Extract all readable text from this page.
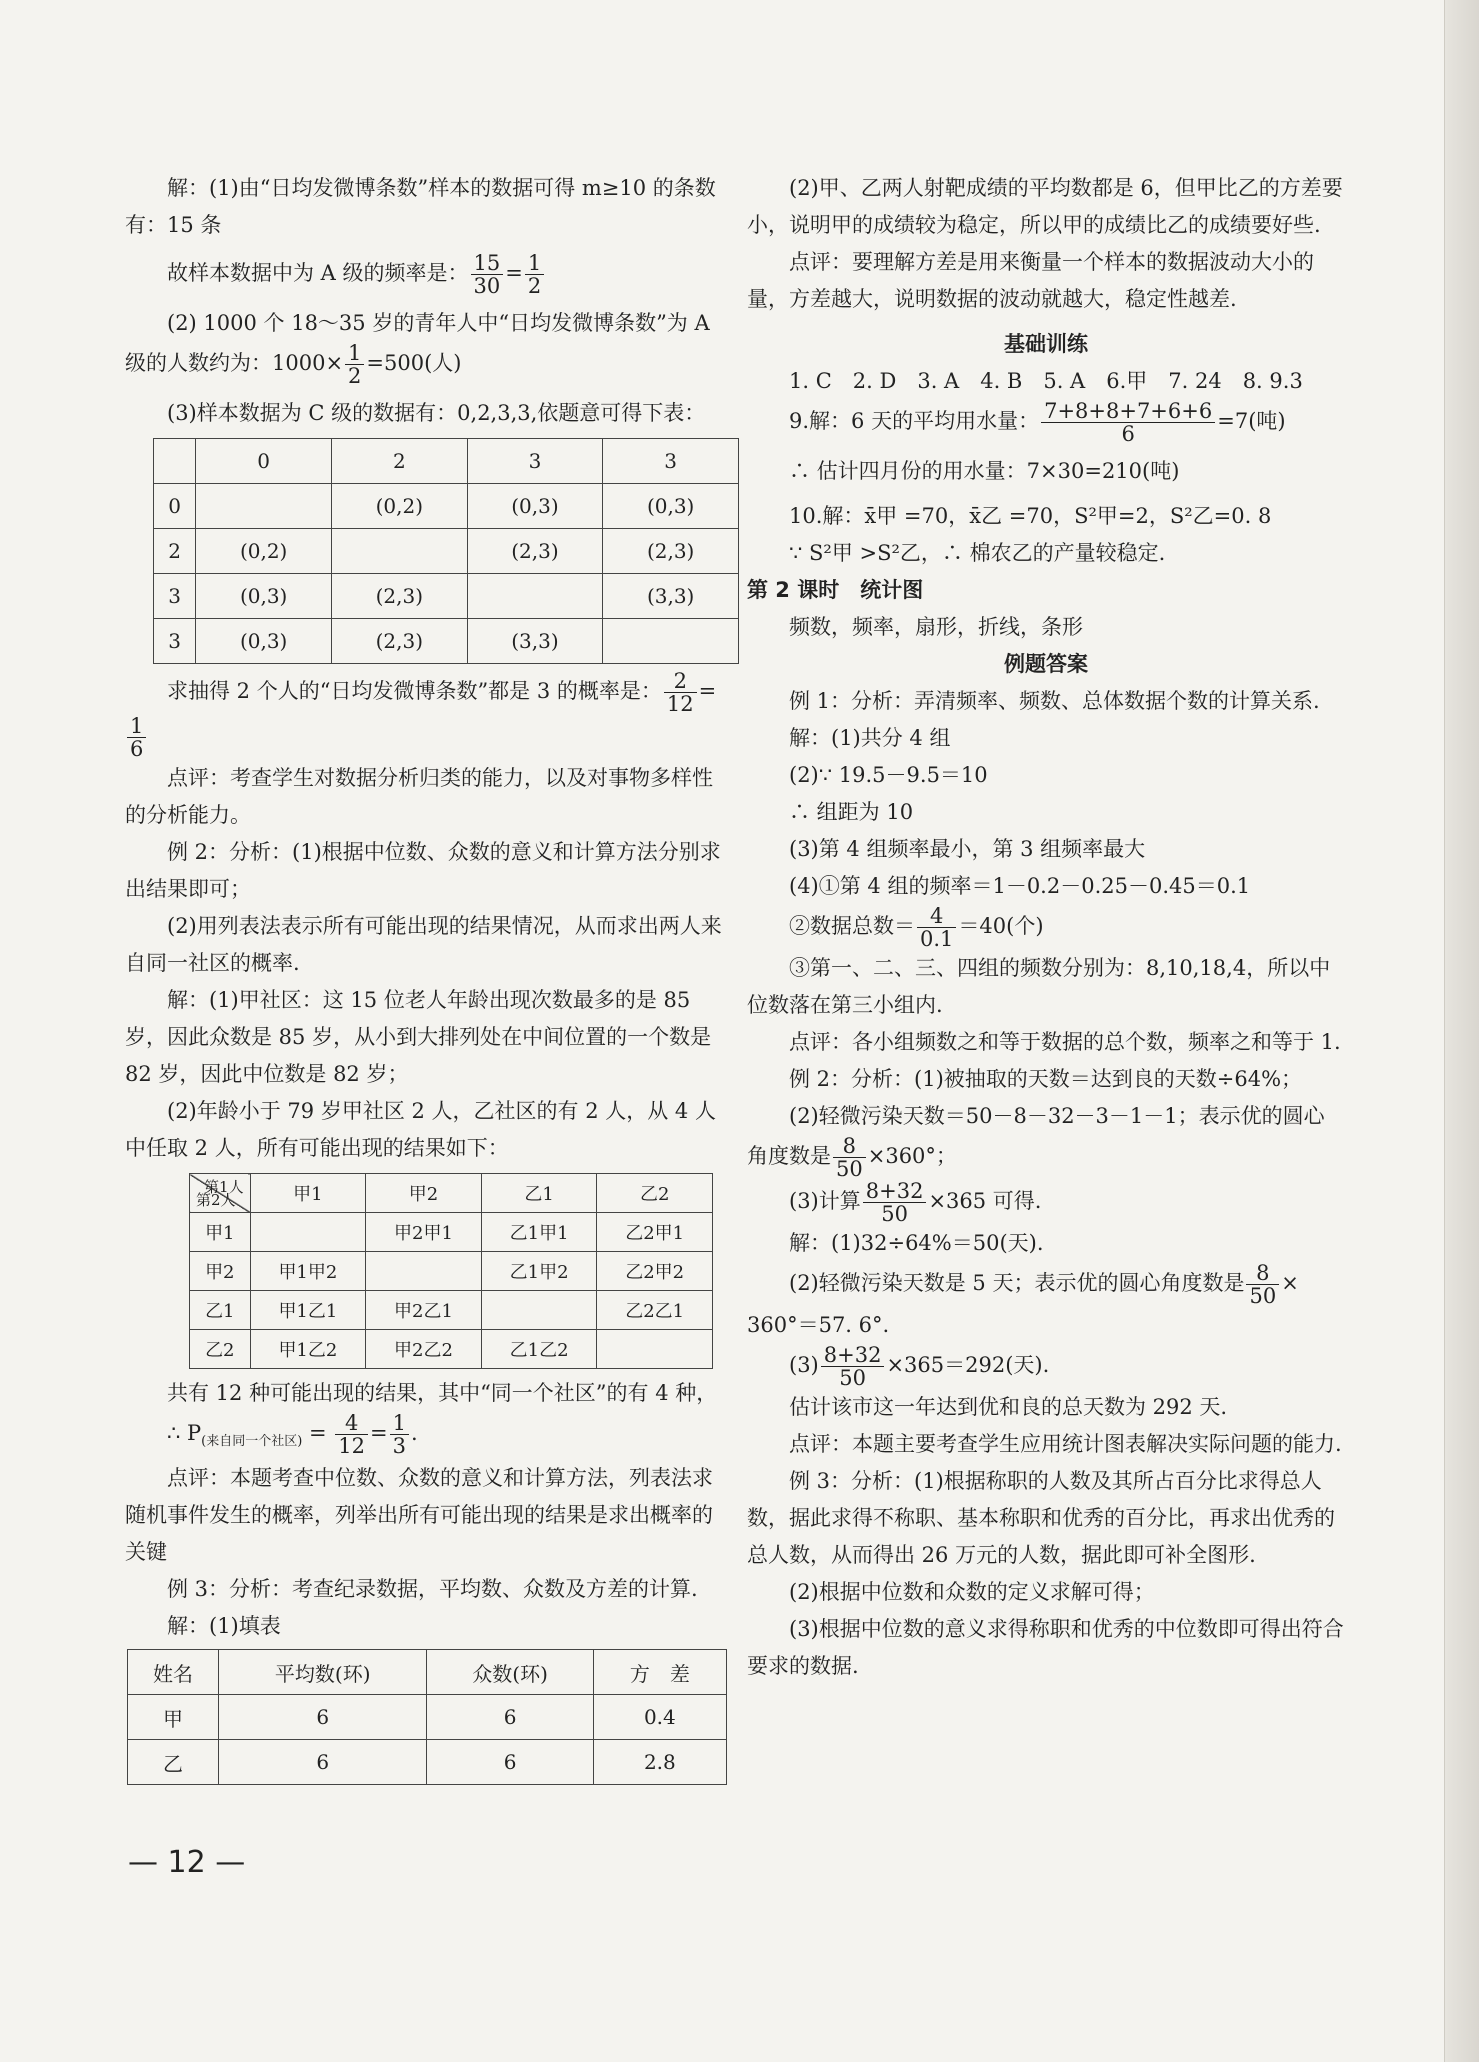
解：(1)由“日均发微博条数”样本的数据可得 m≥10 的条数有：15 条

故样本数据中为 A 级的频率是： $\frac{15}{30} = \frac{1}{2}$

(2) 1000 个 18～35 岁的青年人中“日均发微博条数”为 A 级的人数约为：$1000\times \frac{1}{2} =500$(人)

(3)样本数据为 C 级的数据有：0,2,3,3,依题意可得下表：

	0	2	3	3
0		(0,2)	(0,3)	(0,3)
2	(0,2)		(2,3)	(2,3)
3	(0,3)	(2,3)		(3,3)
3	(0,3)	(2,3)	(3,3)	

求抽得 2 个人的“日均发微博条数”都是 3 的概率是： $\frac{2}{12}$ =

$\frac{1}{6}$

点评：考查学生对数据分析归类的能力，以及对事物多样性的分析能力。

例 2：分析：(1)根据中位数、众数的意义和计算方法分别求出结果即可；

(2)用列表法表示所有可能出现的结果情况，从而求出两人来自同一社区的概率.

解：(1)甲社区：这 15 位老人年龄出现次数最多的是 85 岁，因此众数是 85 岁，从小到大排列处在中间位置的一个数是 82 岁，因此中位数是 82 岁；

(2)年龄小于 79 岁甲社区 2 人，乙社区的有 2 人，从 4 人中任取 2 人，所有可能出现的结果如下：

第1人
第2人	甲1	甲2	乙1	乙2
甲1		甲2甲1	乙1甲1	乙2甲1
甲2	甲1甲2		乙1甲2	乙2甲2
乙1	甲1乙1	甲2乙1		乙2乙1
乙2	甲1乙2	甲2乙2	乙1乙2	

共有 12 种可能出现的结果，其中“同一个社区”的有 4 种，

∴ $P_{(来自同一个社区)} = \frac{4}{12} = \frac{1}{3}$ .

点评：本题考查中位数、众数的意义和计算方法，列表法求随机事件发生的概率，列举出所有可能出现的结果是求出概率的关键

例 3：分析：考查纪录数据，平均数、众数及方差的计算.

解：(1)填表

姓名	平均数(环)	众数(环)	方　差
甲	6	6	0.4
乙	6	6	2.8

(2)甲、乙两人射靶成绩的平均数都是 6，但甲比乙的方差要小，说明甲的成绩较为稳定，所以甲的成绩比乙的成绩要好些.

点评：要理解方差是用来衡量一个样本的数据波动大小的量，方差越大，说明数据的波动就越大，稳定性越差.

基础训练

1. C　2. D　3. A　4. B　5. A　6.甲　7. 24　8. 9.3

9.解：6 天的平均用水量： $\frac{7+8+8+7+6+6}{6} =7$(吨)

∴ 估计四月份的用水量：7×30=210(吨)

10.解：x̄甲 =70，x̄乙 =70，S²甲=2，S²乙=0. 8

∵ S²甲 >S²乙，∴ 棉农乙的产量较稳定.

第 2 课时　统计图

频数，频率，扇形，折线，条形

例题答案

例 1：分析：弄清频率、频数、总体数据个数的计算关系.

解：(1)共分 4 组

(2)∵ 19.5－9.5＝10

∴ 组距为 10

(3)第 4 组频率最小，第 3 组频率最大

(4)①第 4 组的频率＝1－0.2－0.25－0.45＝0.1

②数据总数＝ $\frac{4}{0.1} =40$(个)

③第一、二、三、四组的频数分别为：8,10,18,4，所以中位数落在第三小组内.

点评：各小组频数之和等于数据的总个数，频率之和等于 1.

例 2：分析：(1)被抽取的天数＝达到良的天数÷64%；

(2)轻微污染天数＝50－8－32－3－1－1；表示优的圆心角度数是 $\frac{8}{50} \times 360^\circ$；

(3)计算 $\frac{8+32}{50} \times 365$ 可得.

解：(1)32÷64%＝50(天).

(2)轻微污染天数是 5 天；表示优的圆心角度数是 $\frac{8}{50}$ ×

360°＝57. 6°.

$(3) \frac{8+32}{50} \times 365=292$(天).

估计该市这一年达到优和良的总天数为 292 天.

点评：本题主要考查学生应用统计图表解决实际问题的能力.

例 3：分析：(1)根据称职的人数及其所占百分比求得总人数，据此求得不称职、基本称职和优秀的百分比，再求出优秀的总人数，从而得出 26 万元的人数，据此即可补全图形.

(2)根据中位数和众数的定义求解可得；

(3)根据中位数的意义求得称职和优秀的中位数即可得出符合要求的数据.

— 12 —
